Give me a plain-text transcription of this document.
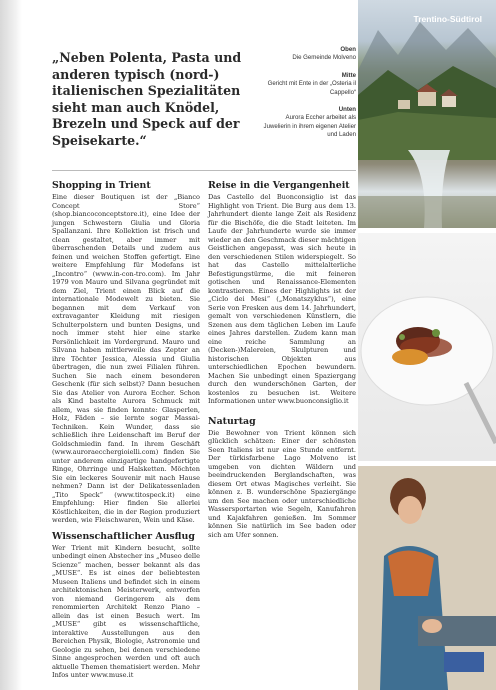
Trentino-Südtirol
„Neben Polenta, Pasta und anderen typisch (nord-) italienischen Spezialitäten sieht man auch Knödel, Brezeln und Speck auf der Speisekarte.“
Oben
Die Gemeinde Molveno
Mitte
Gericht mit Ente in der „Osteria il Cappello“
Unten
Aurora Eccher arbeitet als Juwelierin in ihrem eigenen Atelier und Laden
Shopping in Trient

Eine dieser Boutiquen ist der „Bianco Concept Store“ (shop.biancoconceptstore.it), eine Idee der jungen Schwestern Giulia und Gloria Spallanzani. Ihre Kollektion ist frisch und clean gestaltet, aber immer mit überraschenden Details und zudem aus feinen und weichen Stoffen gefertigt. Eine weitere Empfehlung für Modefans ist „Incontro“ (www.in-con-tro.com). Im Jahr 1979 von Mauro und Silvana gegründet mit dem Ziel, Trient einen Blick auf die internationale Modewelt zu bieten. Sie begannen mit dem Verkauf von extravaganter Kleidung mit riesigen Schulterpolstern und bunten Designs, und noch immer steht hier eine starke Persönlichkeit im Vordergrund. Mauro und Silvana haben mittlerweile das Zepter an ihre Töchter Jessica, Alessia und Giulia übertragen, die nun zwei Filialen führen. Suchen Sie nach einem besonderen Geschenk (für sich selbst)? Dann besuchen Sie das Atelier von Aurora Eccher. Schon als Kind bastelte Aurora Schmuck mit allem, was sie finden konnte: Glasperlen, Holz, Fäden – sie lernte sogar Massai-Techniken. Kein Wunder, dass sie schließlich ihre Leidenschaft im Beruf der Goldschmiedin fand. In ihrem Geschäft (www.auroraecchergioielli.com) finden Sie unter anderem einzigartige handgefertigte Ringe, Ohrringe und Halsketten. Möchten Sie ein leckeres Souvenir mit nach Hause nehmen? Dann ist der Delikatessenladen „Tito Speck“ (www.titospeck.it) eine Empfehlung: Hier finden Sie allerlei Köstlichkeiten, die in der Region produziert werden, wie Fleischwaren, Wein und Käse.

Wissenschaftlicher Ausflug

Wer Trient mit Kindern besucht, sollte unbedingt einen Abstecher ins „Museo delle Scienze“ machen, besser bekannt als das „MUSE“. Es ist eines der beliebtesten Museen Italiens und befindet sich in einem architektonischen Meisterwerk, entworfen von niemand Geringerem als dem renommierten Architekt Renzo Piano – allein das ist einen Besuch wert. Im „MUSE“ gibt es wissenschaftliche, interaktive Ausstellungen aus den Bereichen Physik, Biologie, Astronomie und Geologie zu sehen, bei denen verschiedene Sinne angesprochen werden und oft auch aktuelle Themen thematisiert werden. Mehr Infos unter www.muse.it

Reise in die Vergangenheit

Das Castello del Buonconsiglio ist das Highlight von Trient. Die Burg aus dem 13. Jahrhundert diente lange Zeit als Residenz für die Bischöfe, die die Stadt leiteten. Im Laufe der Jahrhunderte wurde sie immer wieder an den Geschmack dieser mächtigen Geistlichen angepasst, was sich heute in den verschiedenen Stilen widerspiegelt. So hat das Castello mittelalterliche Befestigungstürme, die mit feineren gotischen und Renaissance-Elementen kontrastieren. Eines der Highlights ist der „Ciclo dei Mesi“ („Monatszyklus“), eine Serie von Fresken aus dem 14. Jahrhundert, gemalt von verschiedenen Künstlern, die Szenen aus dem täglichen Leben im Laufe eines Jahres darstellen. Zudem kann man eine reiche Sammlung an (Decken-)Malereien, Skulpturen und historischen Objekten aus unterschiedlichen Epochen bewundern. Machen Sie unbedingt einen Spaziergang durch den wunderschönen Garten, der kostenlos zu besuchen ist. Weitere Informationen unter www.buonconsiglio.it

Naturtag

Die Bewohner von Trient können sich glücklich schätzen: Einer der schönsten Seen Italiens ist nur eine Stunde entfernt. Der türkisfarbene Lago Molveno ist umgeben von dichten Wäldern und beeindruckenden Berglandschaften, was diesem Ort etwas Magisches verleiht. Sie können z. B. wunderschöne Spaziergänge um den See machen oder unterschiedliche Wassersportarten wie Segeln, Kanufahren und Kajakfahren genießen. Im Sommer können Sie natürlich im See baden oder sich am Ufer sonnen.
